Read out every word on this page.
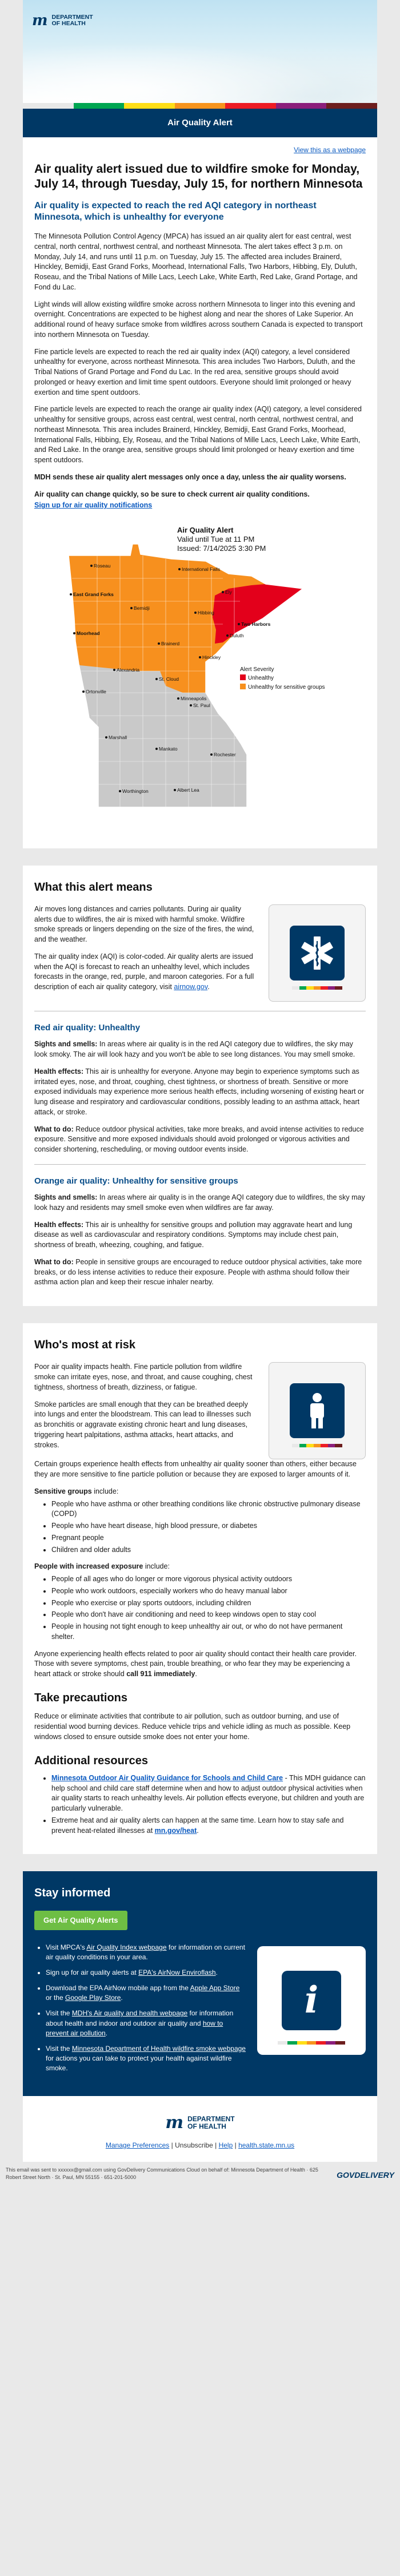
m DEPARTMENT
OF HEALTH
Air Quality Alert
View this as a webpage
Air quality alert issued due to wildfire smoke for Monday, July 14, through Tuesday, July 15, for northern Minnesota
Air quality is expected to reach the red AQI category in northeast Minnesota, which is unhealthy for everyone

The Minnesota Pollution Control Agency (MPCA) has issued an air quality alert for east central, west central, north central, northwest central, and northeast Minnesota. The alert takes effect 3 p.m. on Monday, July 14, and runs until 11 p.m. on Tuesday, July 15. The affected area includes Brainerd, Hinckley, Bemidji, East Grand Forks, Moorhead, International Falls, Two Harbors, Hibbing, Ely, Duluth, Roseau, and the Tribal Nations of Mille Lacs, Leech Lake, White Earth, Red Lake, Grand Portage, and Fond du Lac.

Light winds will allow existing wildfire smoke across northern Minnesota to linger into this evening and overnight. Concentrations are expected to be highest along and near the shores of Lake Superior. An additional round of heavy surface smoke from wildfires across southern Canada is expected to transport into northern Minnesota on Tuesday.

Fine particle levels are expected to reach the red air quality index (AQI) category, a level considered unhealthy for everyone, across northeast Minnesota. This area includes Two Harbors, Duluth, and the Tribal Nations of Grand Portage and Fond du Lac. In the red area, sensitive groups should avoid prolonged or heavy exertion and limit time spent outdoors. Everyone should limit prolonged or heavy exertion and time spent outdoors.

Fine particle levels are expected to reach the orange air quality index (AQI) category, a level considered unhealthy for sensitive groups, across east central, west central, north central, northwest central, and northeast Minnesota. This area includes Brainerd, Hinckley, Bemidji, East Grand Forks, Moorhead, International Falls, Hibbing, Ely, Roseau, and the Tribal Nations of Mille Lacs, Leech Lake, White Earth, and Red Lake. In the orange area, sensitive groups should limit prolonged or heavy exertion and time spent outdoors.

MDH sends these air quality alert messages only once a day, unless the air quality worsens.

Air quality can change quickly, so be sure to check current air quality conditions.

Sign up for air quality notifications

Air Quality Alert
Valid until Tue at 11 PM
Issued: 7/14/2025 3:30 PM
Roseau
International Falls
East Grand Forks	Ely
Bemidji
Hibbing
Two Harbors
Duluth
Moorhead
Brainerd
Hinckley
Alexandria
St. Cloud
Ortonville
Minneapolis
St. Paul
Marshall
Mankato
Rochester
Worthington	Albert Lea
Alert Severity
Unhealthy
Unhealthy for sensitive groups
What this alert means

Air moves long distances and carries pollutants. During air quality alerts due to wildfires, the air is mixed with harmful smoke. Wildfire smoke spreads or lingers depending on the size of the fires, the wind, and the weather.

The air quality index (AQI) is color-coded. Air quality alerts are issued when the AQI is forecast to reach an unhealthy level, which includes forecasts in the orange, red, purple, and maroon categories. For a full description of each air quality category, visit airnow.gov.

Red air quality: Unhealthy

Sights and smells: In areas where air quality is in the red AQI category due to wildfires, the sky may look smoky. The air will look hazy and you won't be able to see long distances. You may smell smoke.

Health effects: This air is unhealthy for everyone. Anyone may begin to experience symptoms such as irritated eyes, nose, and throat, coughing, chest tightness, or shortness of breath. Sensitive or more exposed individuals may experience more serious health effects, including worsening of existing heart or lung disease and respiratory and cardiovascular conditions, possibly leading to an asthma attack, heart attack, or stroke.

What to do: Reduce outdoor physical activities, take more breaks, and avoid intense activities to reduce exposure. Sensitive and more exposed individuals should avoid prolonged or vigorous activities and consider shortening, rescheduling, or moving outdoor events inside.

Orange air quality: Unhealthy for sensitive groups

Sights and smells: In areas where air quality is in the orange AQI category due to wildfires, the sky may look hazy and residents may smell smoke even when wildfires are far away.

Health effects: This air is unhealthy for sensitive groups and pollution may aggravate heart and lung disease as well as cardiovascular and respiratory conditions. Symptoms may include chest pain, shortness of breath, wheezing, coughing, and fatigue.

What to do: People in sensitive groups are encouraged to reduce outdoor physical activities, take more breaks, or do less intense activities to reduce their exposure. People with asthma should follow their asthma action plan and keep their rescue inhaler nearby.

Who's most at risk

Poor air quality impacts health. Fine particle pollution from wildfire smoke can irritate eyes, nose, and throat, and cause coughing, chest tightness, shortness of breath, dizziness, or fatigue.

Smoke particles are small enough that they can be breathed deeply into lungs and enter the bloodstream. This can lead to illnesses such as bronchitis or aggravate existing chronic heart and lung diseases, triggering heart palpitations, asthma attacks, heart attacks, and strokes.

Certain groups experience health effects from unhealthy air quality sooner than others, either because they are more sensitive to fine particle pollution or because they are exposed to larger amounts of it.

Sensitive groups include:

• People who have asthma or other breathing conditions like chronic obstructive pulmonary disease (COPD)
• People who have heart disease, high blood pressure, or diabetes
• Pregnant people
• Children and older adults

People with increased exposure include:

• People of all ages who do longer or more vigorous physical activity outdoors
• People who work outdoors, especially workers who do heavy manual labor
• People who exercise or play sports outdoors, including children
• People who don't have air conditioning and need to keep windows open to stay cool
• People in housing not tight enough to keep unhealthy air out, or who do not have permanent shelter.

Anyone experiencing health effects related to poor air quality should contact their health care provider. Those with severe symptoms, chest pain, trouble breathing, or who fear they may be experiencing a heart attack or stroke should call 911 immediately.

Take precautions

Reduce or eliminate activities that contribute to air pollution, such as outdoor burning, and use of residential wood burning devices. Reduce vehicle trips and vehicle idling as much as possible. Keep windows closed to ensure outside smoke does not enter your home.

Additional resources
• Minnesota Outdoor Air Quality Guidance for Schools and Child Care - This MDH guidance can help school and child care staff determine when and how to adjust outdoor physical activities when air quality starts to reach unhealthy levels. Air pollution effects everyone, but children and youth are particularly vulnerable.
• Extreme heat and air quality alerts can happen at the same time. Learn how to stay safe and prevent heat-related illnesses at mn.gov/heat.
Stay informed
Get Air Quality Alerts
• Visit MPCA's Air Quality Index webpage for information on current air quality conditions in your area.
• Sign up for air quality alerts at EPA's AirNow Enviroflash.
• Download the EPA AirNow mobile app from the Apple App Store or the Google Play Store.
• Visit the MDH's Air quality and health webpage for information about health and indoor and outdoor air quality and how to prevent air pollution.
• Visit the Minnesota Department of Health wildfire smoke webpage for actions you can take to protect your health against wildfire smoke.
i
m DEPARTMENT
OF HEALTH
Manage Preferences | Unsubscribe | Help | health.state.mn.us
This email was sent to xxxxxx@gmail.com using GovDelivery Communications Cloud on behalf of: Minnesota Department of Health · 625 Robert Street North · St. Paul, MN 55155 · 651-201-5000	GOVDELIVERY
